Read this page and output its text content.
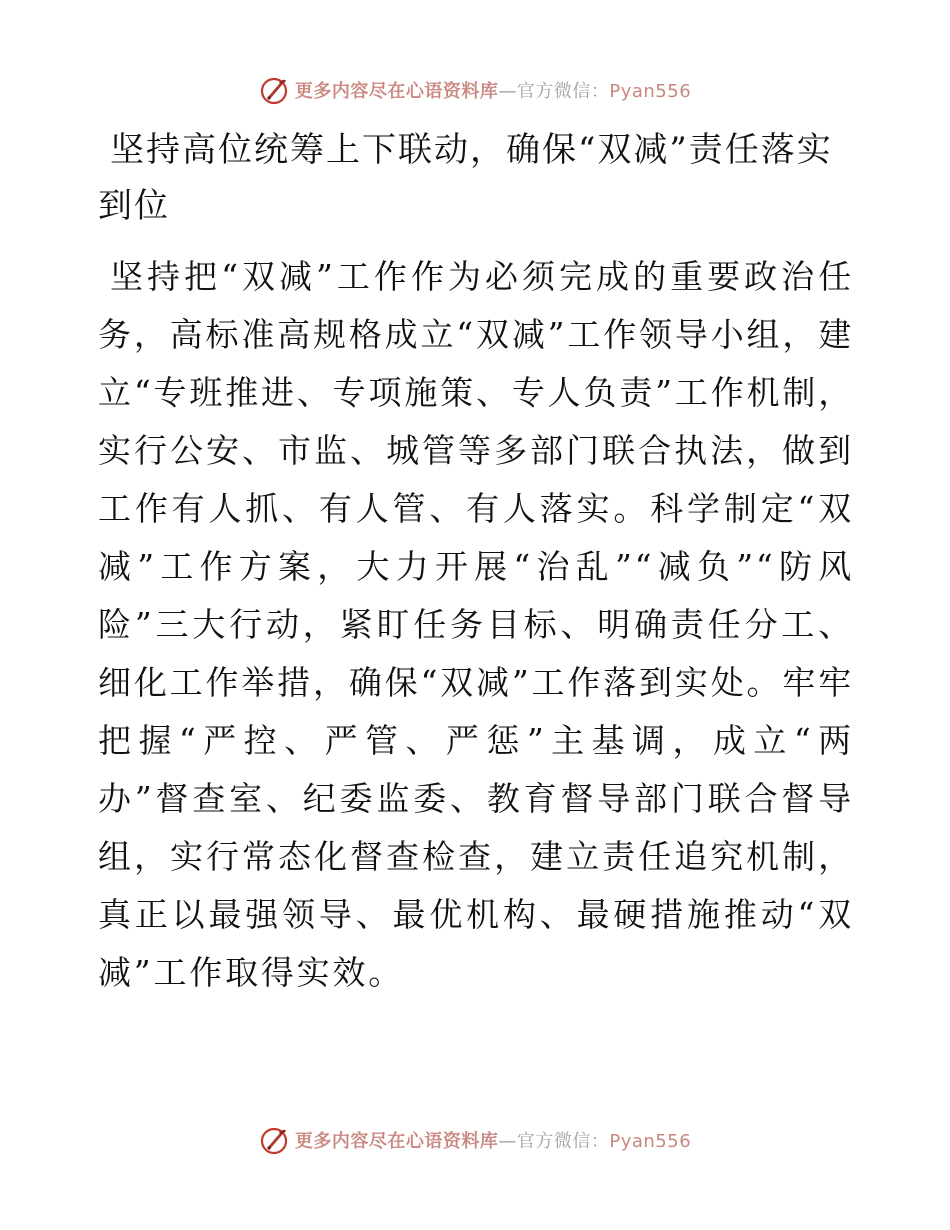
更多内容尽在心语资料库—官方微信：Pyan556
坚持高位统筹上下联动，确保“双减”责任落实到位
坚持把“双减”工作作为必须完成的重要政治任务，高标准高规格成立“双减”工作领导小组，建立“专班推进、专项施策、专人负责”工作机制，实行公安、市监、城管等多部门联合执法，做到工作有人抓、有人管、有人落实。科学制定“双减”工作方案，大力开展“治乱”“减负”“防风险”三大行动，紧盯任务目标、明确责任分工、细化工作举措，确保“双减”工作落到实处。牢牢把握“严控、严管、严惩”主基调，成立“两办”督查室、纪委监委、教育督导部门联合督导组，实行常态化督查检查，建立责任追究机制，真正以最强领导、最优机构、最硬措施推动“双减”工作取得实效。
更多内容尽在心语资料库—官方微信：Pyan556
